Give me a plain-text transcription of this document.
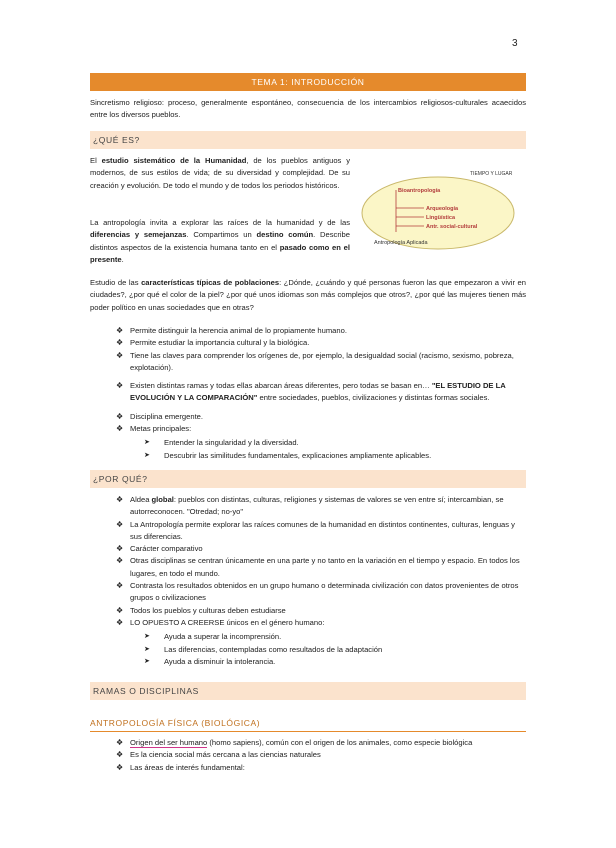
3
TEMA 1: INTRODUCCIÓN
Sincretismo religioso: proceso, generalmente espontáneo, consecuencia de los intercambios religiosos-culturales acaecidos entre los diversos pueblos.
¿QUÉ ES?
El estudio sistemático de la Humanidad, de los pueblos antiguos y modernos, de sus estilos de vida; de su diversidad y complejidad. De su creación y evolución. De todo el mundo y de todos los periodos históricos.
La antropología invita a explorar las raíces de la humanidad y de las diferencias y semejanzas. Compartimos un destino común. Describe distintos aspectos de la existencia humana tanto en el pasado como en el presente.
TIEMPO Y LUGAR
Bioantropología
Arqueología
Lingüística
Antr. social-cultural
Antropología Aplicada
Estudio de las características típicas de poblaciones: ¿Dónde, ¿cuándo y qué personas fueron las que empezaron a vivir en ciudades?, ¿por qué el color de la piel? ¿por qué unos idiomas son más complejos que otros?, ¿por qué las mujeres tienen más poder político en unas sociedades que en otras?
❖ Permite distinguir la herencia animal de lo propiamente humano.
❖ Permite estudiar la importancia cultural y la biológica.
❖ Tiene las claves para comprender los orígenes de, por ejemplo, la desigualdad social (racismo, sexismo, pobreza, explotación).
❖ Existen distintas ramas y todas ellas abarcan áreas diferentes, pero todas se basan en… "EL ESTUDIO DE LA EVOLUCIÓN Y LA COMPARACIÓN" entre sociedades, pueblos, civilizaciones y distintas formas sociales.
❖ Disciplina emergente.
❖ Metas principales:
➤ Entender la singularidad y la diversidad.
➤ Descubrir las similitudes fundamentales, explicaciones ampliamente aplicables.
¿POR QUÉ?
❖ Aldea global: pueblos con distintas, culturas, religiones y sistemas de valores se ven entre sí; intercambian, se autorreconocen. "Otredad; no-yo"
❖ La Antropología permite explorar las raíces comunes de la humanidad en distintos continentes, culturas, lenguas y sus diferencias.
❖ Carácter comparativo
❖ Otras disciplinas se centran únicamente en una parte y no tanto en la variación en el tiempo y espacio. En todos los lugares, en todo el mundo.
❖ Contrasta los resultados obtenidos en un grupo humano o determinada civilización con datos provenientes de otros grupos o civilizaciones
❖ Todos los pueblos y culturas deben estudiarse
❖ LO OPUESTO A CREERSE únicos en el género humano:
➤ Ayuda a superar la incomprensión.
➤ Las diferencias, contempladas como resultados de la adaptación
➤ Ayuda a disminuir la intolerancia.
RAMAS O DISCIPLINAS
ANTROPOLOGÍA FÍSICA (BIOLÓGICA)
❖ Origen del ser humano (homo sapiens), común con el origen de los animales, como especie biológica
❖ Es la ciencia social más cercana a las ciencias naturales
❖ Las áreas de interés fundamental:
